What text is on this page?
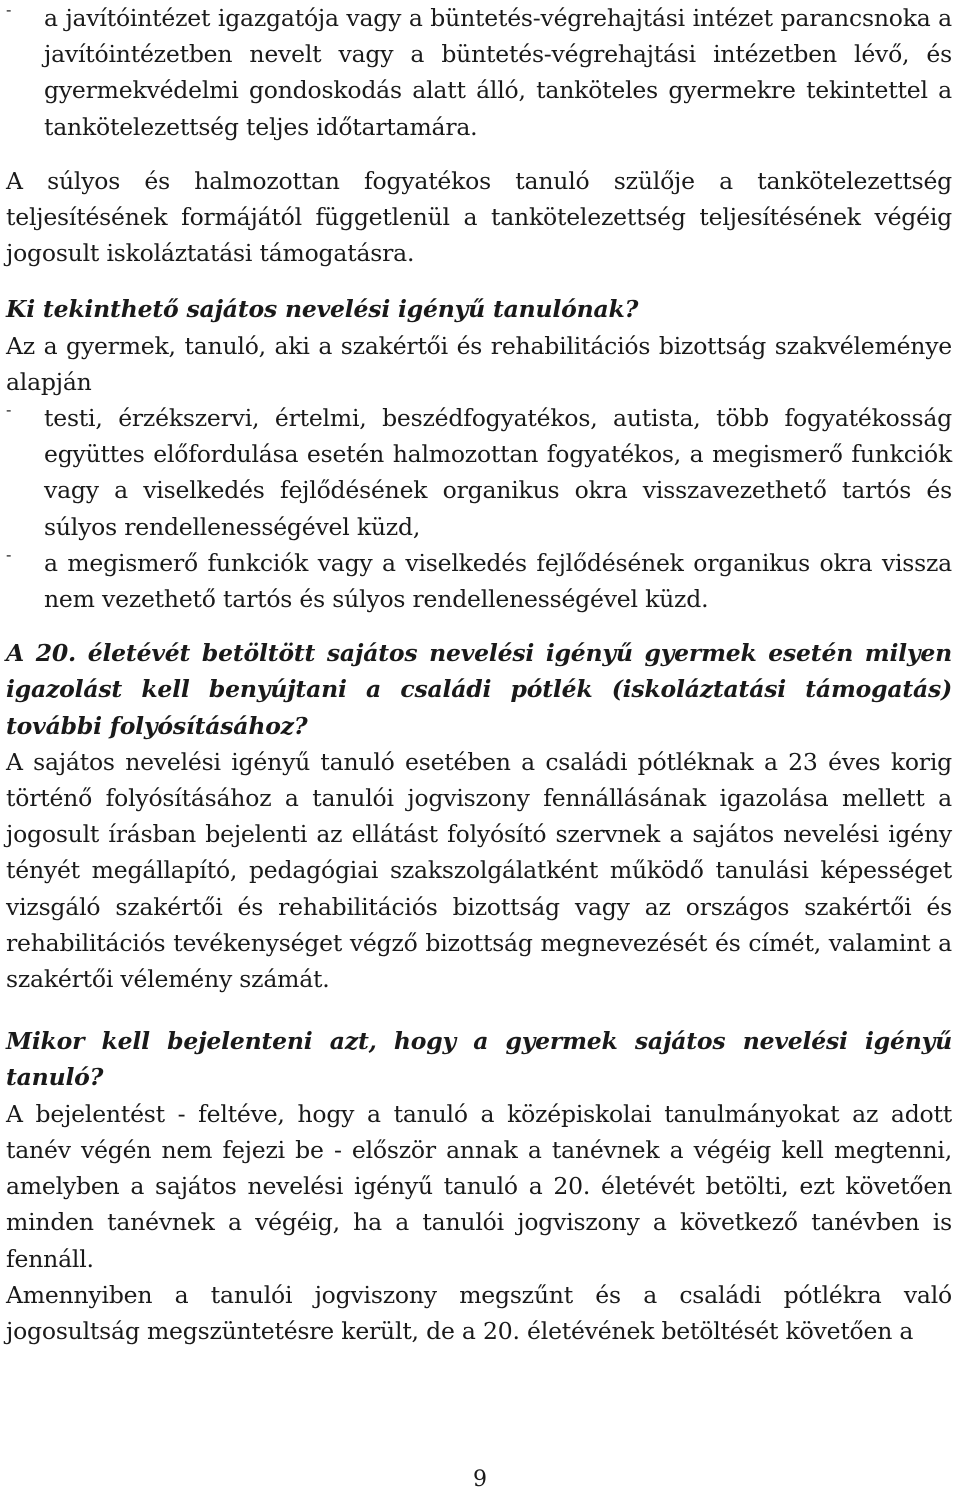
-	a javítóintézet igazgatója vagy a büntetés-végrehajtási intézet parancsnoka a javítóintézetben nevelt vagy a büntetés-végrehajtási intézetben lévő, és gyermekvédelmi gondoskodás alatt álló, tanköteles gyermekre tekintettel a tankötelezettség teljes időtartamára.

A súlyos és halmozottan fogyatékos tanuló szülője a tankötelezettség teljesítésének formájától függetlenül a tankötelezettség teljesítésének végéig jogosult iskoláztatási támogatásra.

Ki tekinthető sajátos nevelési igényű tanulónak?

Az a gyermek, tanuló, aki a szakértői és rehabilitációs bizottság szakvéleménye alapján

-	testi, érzékszervi, értelmi, beszédfogyatékos, autista, több fogyatékosság együttes előfordulása esetén halmozottan fogyatékos, a megismerő funkciók vagy a viselkedés fejlődésének organikus okra visszavezethető tartós és súlyos rendellenességével küzd,

-	a megismerő funkciók vagy a viselkedés fejlődésének organikus okra vissza nem vezethető tartós és súlyos rendellenességével küzd.

A 20. életévét betöltött sajátos nevelési igényű gyermek esetén milyen igazolást kell benyújtani a családi pótlék (iskoláztatási támogatás) további folyósításához?

A sajátos nevelési igényű tanuló esetében a családi pótléknak a 23 éves korig történő folyósításához a tanulói jogviszony fennállásának igazolása mellett a jogosult írásban bejelenti az ellátást folyósító szervnek a sajátos nevelési igény tényét megállapító, pedagógiai szakszolgálatként működő tanulási képességet vizsgáló szakértői és rehabilitációs bizottság vagy az országos szakértői és rehabilitációs tevékenységet végző bizottság megnevezését és címét, valamint a szakértői vélemény számát.

Mikor kell bejelenteni azt, hogy a gyermek sajátos nevelési igényű tanuló?

A bejelentést - feltéve, hogy a tanuló a középiskolai tanulmányokat az adott tanév végén nem fejezi be - először annak a tanévnek a végéig kell megtenni, amelyben a sajátos nevelési igényű tanuló a 20. életévét betölti, ezt követően minden tanévnek a végéig, ha a tanulói jogviszony a következő tanévben is fennáll.

Amennyiben a tanulói jogviszony megszűnt és a családi pótlékra való jogosultság megszüntetésre került, de a 20. életévének betöltését követően a

9
